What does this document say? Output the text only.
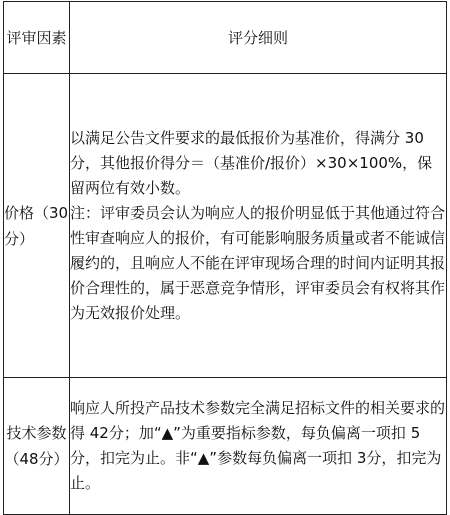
评审因素	评分细则
价格（30分）	以满足公告文件要求的最低报价为基准价，得满分 30 分，其他报价得分＝（基准价/报价）×30×100%，保留两位有效小数。

注：评审委员会认为响应人的报价明显低于其他通过符合性审查响应人的报价，有可能影响服务质量或者不能诚信履约的，且响应人不能在评审现场合理的时间内证明其报价合理性的，属于恶意竞争情形，评审委员会有权将其作为无效报价处理。

技术参数（48分）	响应人所投产品技术参数完全满足招标文件的相关要求的得 42分；加“▲”为重要指标参数，每负偏离一项扣 5分，扣完为止。非“▲”参数每负偏离一项扣 3分，扣完为止。
